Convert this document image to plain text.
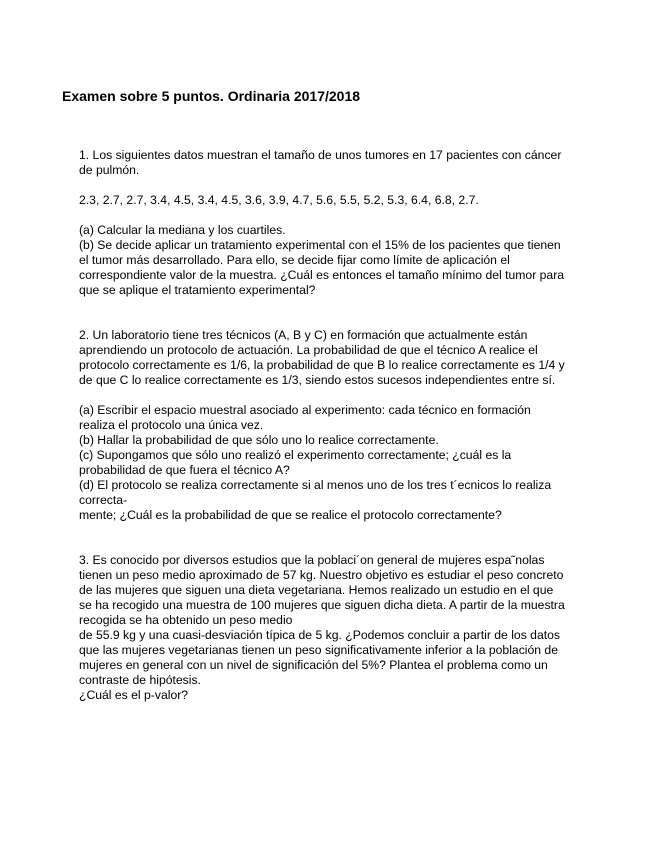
Examen sobre 5 puntos. Ordinaria 2017/2018
1. Los siguientes datos muestran el tamaño de unos tumores en 17 pacientes con cáncer
de pulmón.
2.3, 2.7, 2.7, 3.4, 4.5, 3.4, 4.5, 3.6, 3.9, 4.7, 5.6, 5.5, 5.2, 5.3, 6.4, 6.8, 2.7.
(a) Calcular la mediana y los cuartiles.
(b) Se decide aplicar un tratamiento experimental con el 15% de los pacientes que tienen
el tumor más desarrollado. Para ello, se decide fijar como límite de aplicación el
correspondiente valor de la muestra. ¿Cuál es entonces el tamaño mínimo del tumor para
que se aplique el tratamiento experimental?
2. Un laboratorio tiene tres técnicos (A, B y C) en formación que actualmente están
aprendiendo un protocolo de actuación. La probabilidad de que el técnico A realice el
protocolo correctamente es 1/6, la probabilidad de que B lo realice correctamente es 1/4 y
de que C lo realice correctamente es 1/3, siendo estos sucesos independientes entre sí.
(a) Escribir el espacio muestral asociado al experimento: cada técnico en formación
realiza el protocolo una única vez.
(b) Hallar la probabilidad de que sólo uno lo realice correctamente.
(c) Supongamos que sólo uno realizó el experimento correctamente; ¿cuál es la
probabilidad de que fuera el técnico A?
(d) El protocolo se realiza correctamente si al menos uno de los tres t´ecnicos lo realiza
correcta-
mente; ¿Cuál es la probabilidad de que se realice el protocolo correctamente?
3. Es conocido por diversos estudios que la poblaci´on general de mujeres espa˜nolas
tienen un peso medio aproximado de 57 kg. Nuestro objetivo es estudiar el peso concreto
de las mujeres que siguen una dieta vegetariana. Hemos realizado un estudio en el que
se ha recogido una muestra de 100 mujeres que siguen dicha dieta. A partir de la muestra
recogida se ha obtenido un peso medio
de 55.9 kg y una cuasi-desviación típica de 5 kg. ¿Podemos concluir a partir de los datos
que las mujeres vegetarianas tienen un peso significativamente inferior a la población de
mujeres en general con un nivel de significación del 5%? Plantea el problema como un
contraste de hipótesis.
¿Cuál es el p-valor?
